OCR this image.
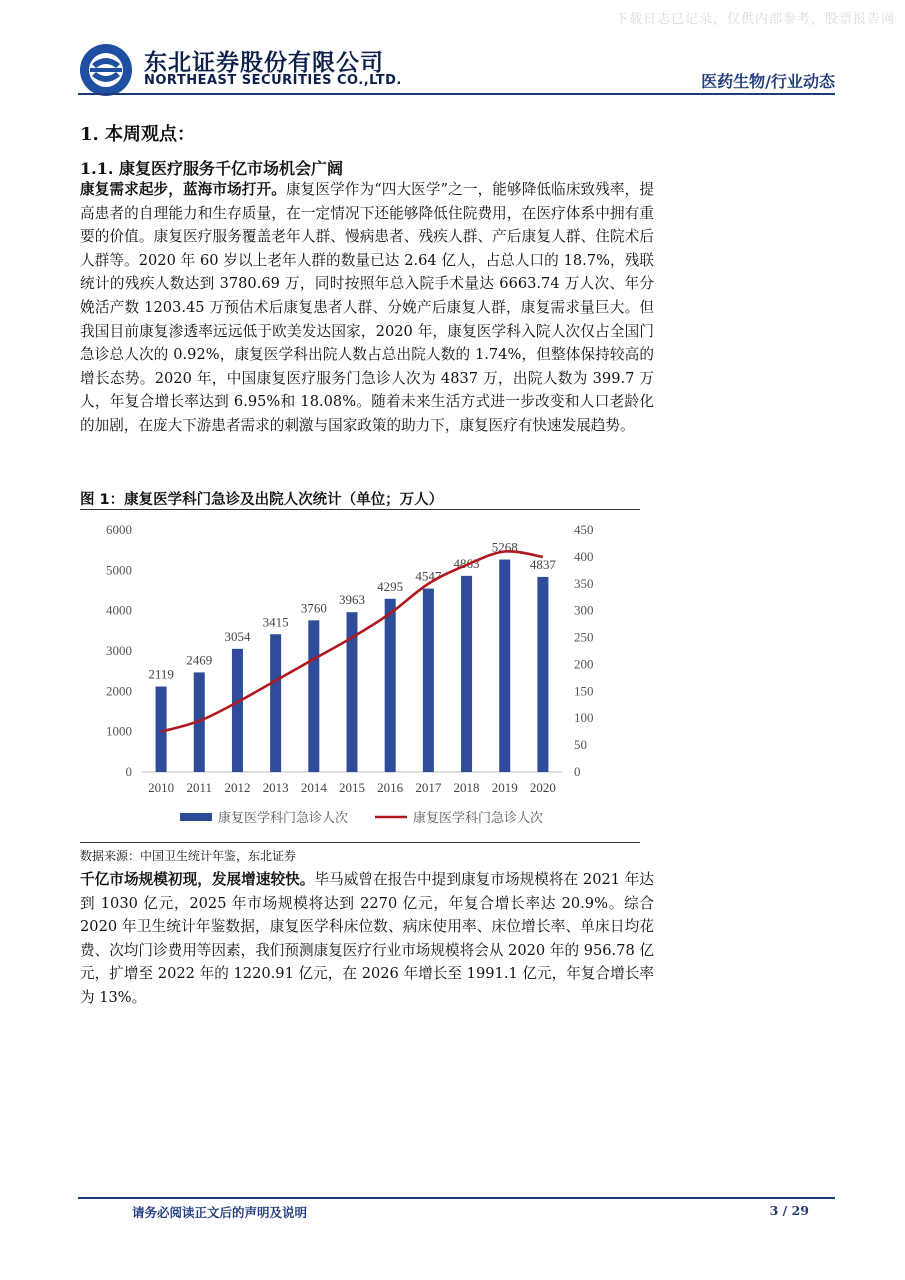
下载日志已记录，仅供内部参考，股票报告网
东北证券股份有限公司
NORTHEAST SECURITIES CO.,LTD.	医药生物/行业动态
1. 本周观点：
1.1. 康复医疗服务千亿市场机会广阔
康复需求起步，蓝海市场打开。康复医学作为“四大医学”之一，能够降低临床致残率，提高患者的自理能力和生存质量，在一定情况下还能够降低住院费用，在医疗体系中拥有重要的价值。康复医疗服务覆盖老年人群、慢病患者、残疾人群、产后康复人群、住院术后人群等。2020 年 60 岁以上老年人群的数量已达 2.64 亿人，占总人口的 18.7%，残联统计的残疾人数达到 3780.69 万，同时按照年总入院手术量达 6663.74 万人次、年分娩活产数 1203.45 万预估术后康复患者人群、分娩产后康复人群，康复需求量巨大。但我国目前康复渗透率远远低于欧美发达国家，2020 年，康复医学科入院人次仅占全国门急诊总人次的 0.92%，康复医学科出院人数占总出院人数的 1.74%，但整体保持较高的增长态势。2020 年，中国康复医疗服务门急诊人次为 4837 万，出院人数为 399.7 万人，年复合增长率达到 6.95%和 18.08%。随着未来生活方式进一步改变和人口老龄化的加剧，在庞大下游患者需求的刺激与国家政策的助力下，康复医疗有快速发展趋势。
图 1：康复医学科门急诊及出院人次统计（单位；万人）
0
1000
2000
3000
4000
5000
6000
0
50
100
150
200
250
300
350
400
450
2119
2469
3054
3415
3760
3963
4295
4547
4863
5268
4837
2010 2011 2012 2013 2014 2015 2016 2017 2018 2019 2020
康复医学科门急诊人次	康复医学科门急诊人次
数据来源：中国卫生统计年鉴，东北证券
千亿市场规模初现，发展增速较快。毕马威曾在报告中提到康复市场规模将在 2021 年达到 1030 亿元，2025 年市场规模将达到 2270 亿元，年复合增长率达 20.9%。综合 2020 年卫生统计年鉴数据，康复医学科床位数、病床使用率、床位增长率、单床日均花费、次均门诊费用等因素，我们预测康复医疗行业市场规模将会从 2020 年的 956.78 亿元，扩增至 2022 年的 1220.91 亿元，在 2026 年增长至 1991.1 亿元，年复合增长率为 13%。
请务必阅读正文后的声明及说明	3 / 29
